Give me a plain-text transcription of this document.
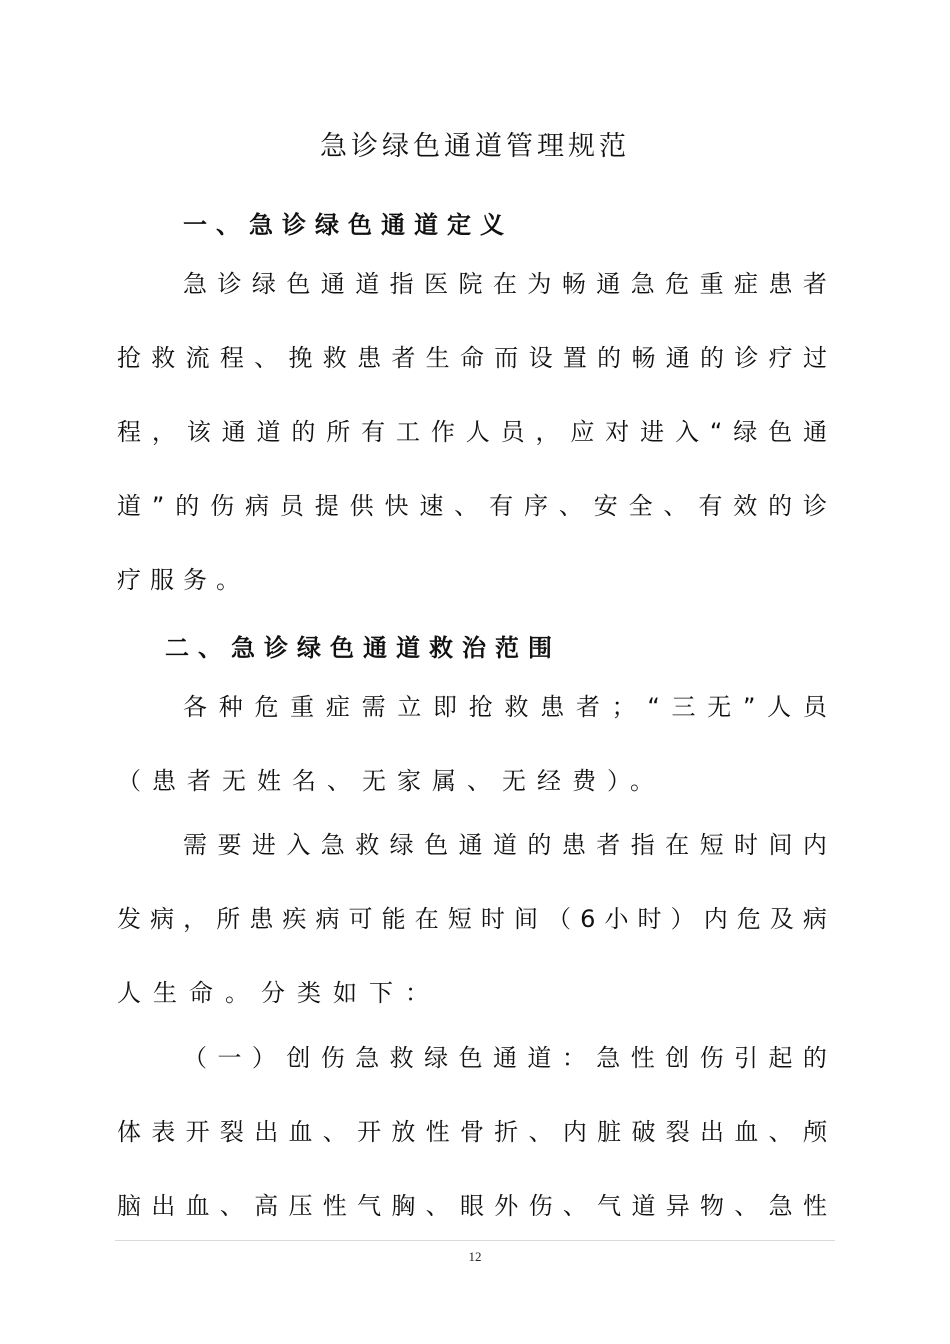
急诊绿色通道管理规范
一、急诊绿色通道定义
急 诊 绿 色 通 道 指 医 院 在 为 畅 通 急 危 重 症 患 者
抢 救 流 程 、 挽 救 患 者 生 命 而 设 置 的 畅 通 的 诊 疗 过
程 ， 该 通 道 的 所 有 工 作 人 员 ， 应 对 进 入 “ 绿 色 通
道 ” 的 伤 病 员 提 供 快 速 、 有 序 、 安 全 、 有 效 的 诊
疗服务。
二、急诊绿色通道救治范围
各 种 危 重 症 需 立 即 抢 救 患 者 ； “ 三 无 ” 人 员
（患者无姓名、无家属、无经费）。
需 要 进 入 急 救 绿 色 通 道 的 患 者 指 在 短 时 间 内
发 病 ， 所 患 疾 病 可 能 在 短 时 间 （ 6 小 时 ） 内 危 及 病
人生命。分类如下：
（ 一 ） 创 伤 急 救 绿 色 通 道 ： 急 性 创 伤 引 起 的
体 表 开 裂 出 血 、 开 放 性 骨 折 、 内 脏 破 裂 出 血 、 颅
脑 出 血 、 高 压 性 气 胸 、 眼 外 伤 、 气 道 异 物 、 急 性
12
